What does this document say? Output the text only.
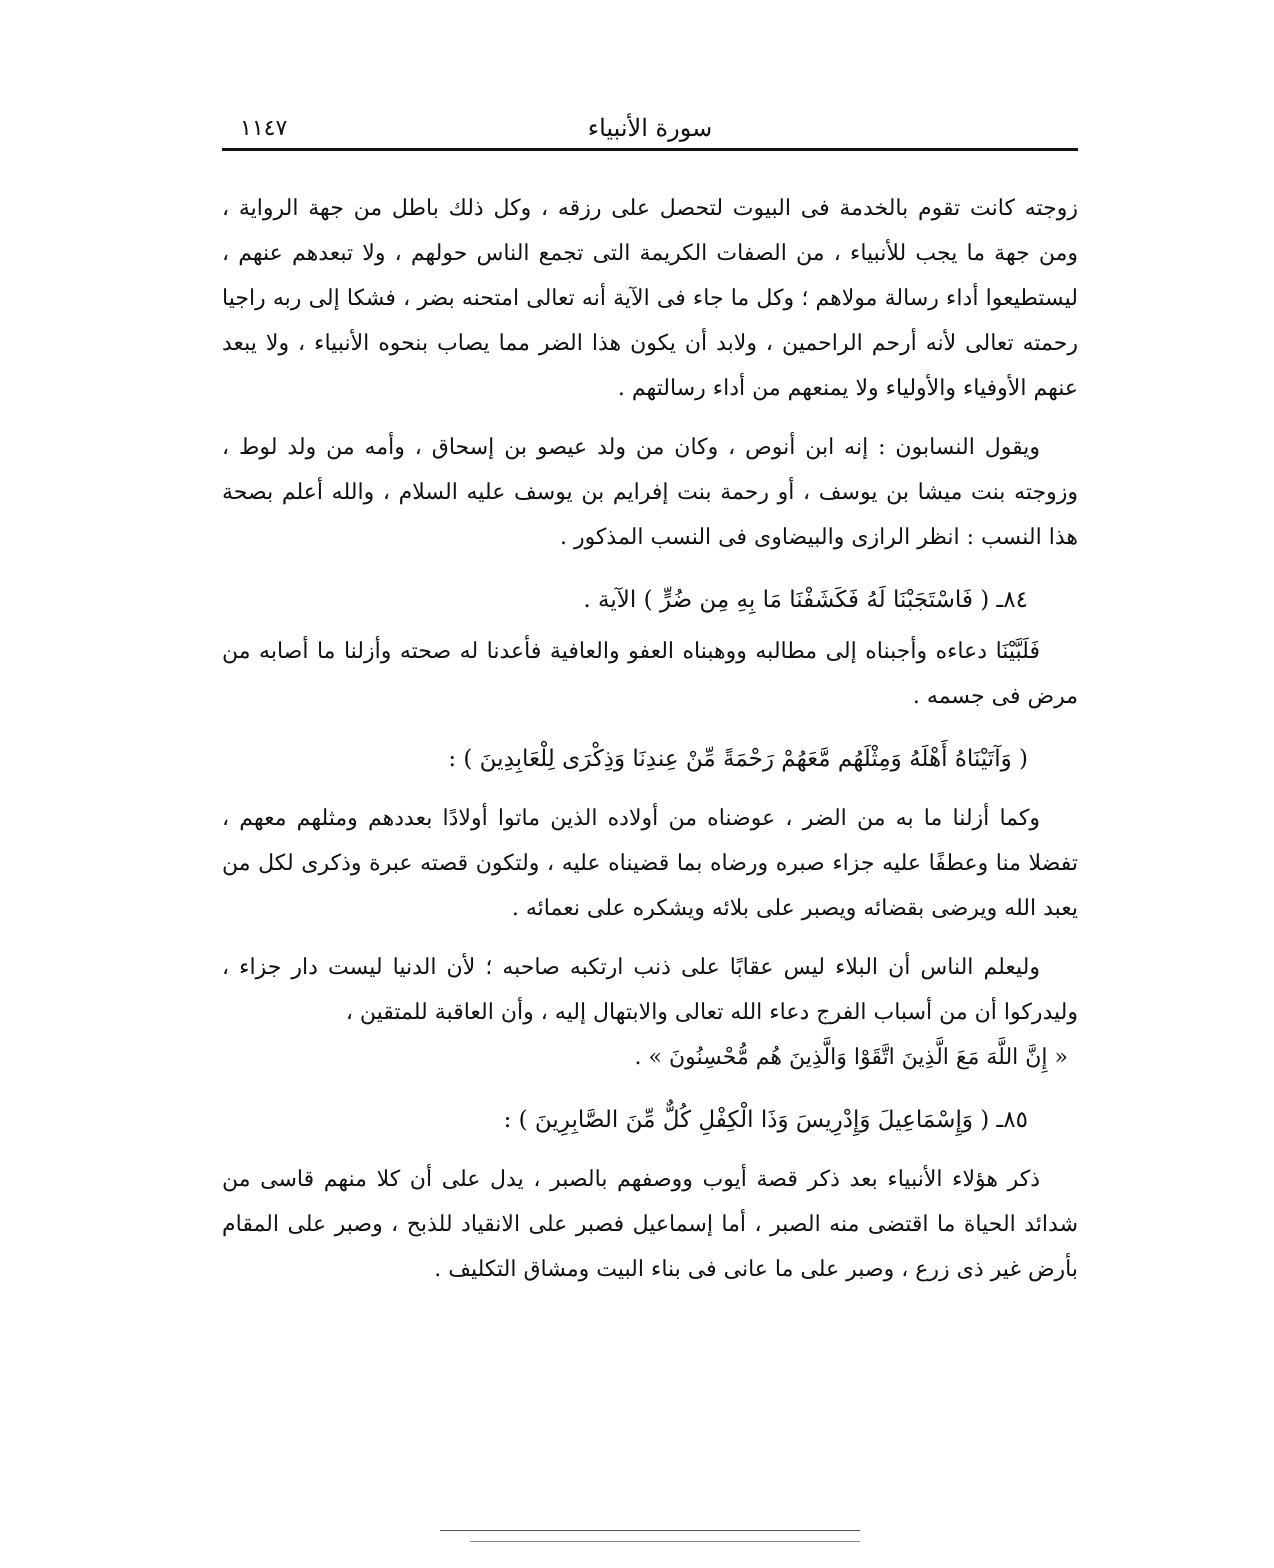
١١٤٧	سورة الأنبياء

زوجته كانت تقوم بالخدمة فى البيوت لتحصل على رزقه ، وكل ذلك باطل من جهة الرواية ، ومن جهة ما يجب للأنبياء ، من الصفات الكريمة التى تجمع الناس حولهم ، ولا تبعدهم عنهم ، ليستطيعوا أداء رسالة مولاهم ؛ وكل ما جاء فى الآية أنه تعالى امتحنه بضر ، فشكا إلى ربه راجيا رحمته تعالى لأنه أرحم الراحمين ، ولابد أن يكون هذا الضر مما يصاب بنحوه الأنبياء ، ولا يبعد عنهم الأوفياء والأولياء ولا يمنعهم من أداء رسالتهم .

ويقول النسابون : إنه ابن أنوص ، وكان من ولد عيصو بن إسحاق ، وأمه من ولد لوط ، وزوجته بنت ميشا بن يوسف ، أو رحمة بنت إفرايم بن يوسف عليه السلام ، والله أعلم بصحة هذا النسب : انظر الرازى والبيضاوى فى النسب المذكور .

٨٤ـ ( فَاسْتَجَبْنَا لَهُ فَكَشَفْنَا مَا بِهِ مِن ضُرٍّ ) الآية .

فَلَبَّيْنَا دعاءه وأجبناه إلى مطالبه ووهبناه العفو والعافية فأعدنا له صحته وأزلنا ما أصابه من مرض فى جسمه .

( وَآتَيْنَاهُ أَهْلَهُ وَمِثْلَهُم مَّعَهُمْ رَحْمَةً مِّنْ عِندِنَا وَذِكْرَى لِلْعَابِدِينَ ) :

وكما أزلنا ما به من الضر ، عوضناه من أولاده الذين ماتوا أولادًا بعددهم ومثلهم معهم ، تفضلا منا وعطفًا عليه جزاء صبره ورضاه بما قضيناه عليه ، ولتكون قصته عبرة وذكرى لكل من يعبد الله ويرضى بقضائه ويصبر على بلائه ويشكره على نعمائه .

وليعلم الناس أن البلاء ليس عقابًا على ذنب ارتكبه صاحبه ؛ لأن الدنيا ليست دار جزاء ، وليدركوا أن من أسباب الفرج دعاء الله تعالى والابتهال إليه ، وأن العاقبة للمتقين ،

« إِنَّ اللَّهَ مَعَ الَّذِينَ اتَّقَوْا وَالَّذِينَ هُم مُّحْسِنُونَ » .

٨٥ـ ( وَإِسْمَاعِيلَ وَإِدْرِيسَ وَذَا الْكِفْلِ كُلٌّ مِّنَ الصَّابِرِينَ ) :

ذكر هؤلاء الأنبياء بعد ذكر قصة أيوب ووصفهم بالصبر ، يدل على أن كلا منهم قاسى من شدائد الحياة ما اقتضى منه الصبر ، أما إسماعيل فصبر على الانقياد للذبح ، وصبر على المقام بأرض غير ذى زرع ، وصبر على ما عانى فى بناء البيت ومشاق التكليف .
